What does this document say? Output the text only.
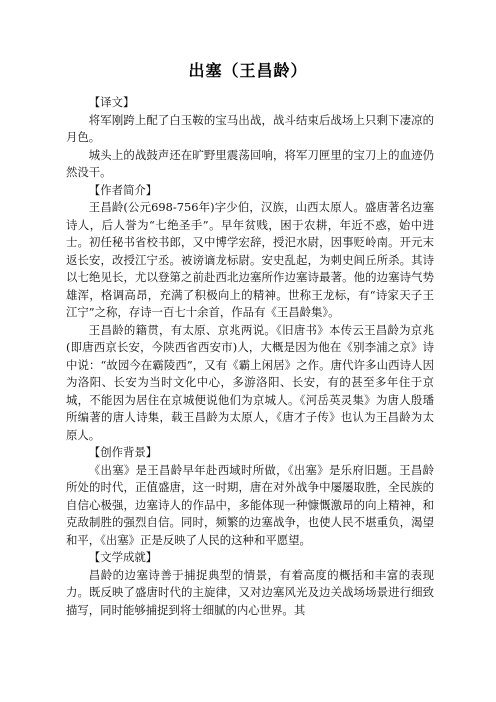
出塞（王昌龄）
【译文】

将军刚跨上配了白玉鞍的宝马出战，战斗结束后战场上只剩下凄凉的月色。

城头上的战鼓声还在旷野里震荡回响，将军刀匣里的宝刀上的血迹仍然没干。

【作者简介】

王昌龄(公元698-756年)字少伯，汉族，山西太原人。盛唐著名边塞诗人，后人誉为“七绝圣手”。早年贫贱，困于农耕，年近不惑，始中进士。初任秘书省校书郎，又中博学宏辞，授汜水尉，因事贬岭南。开元末返长安，改授江宁丞。被谤谪龙标尉。安史乱起，为刺史闾丘所杀。其诗以七绝见长，尤以登第之前赴西北边塞所作边塞诗最著。他的边塞诗气势雄浑，格调高昂，充满了积极向上的精神。世称王龙标，有“诗家天子王江宁”之称，存诗一百七十余首，作品有《王昌龄集》。

王昌龄的籍贯，有太原、京兆两说。《旧唐书》本传云王昌龄为京兆(即唐西京长安，今陕西省西安市)人，大概是因为他在《别李浦之京》诗中说：“故园今在霸陵西”，又有《霸上闲居》之作。唐代许多山西诗人因为洛阳、长安为当时文化中心，多游洛阳、长安，有的甚至多年住于京城，不能因为居住在京城便说他们为京城人。《河岳英灵集》为唐人殷璠所编著的唐人诗集，载王昌龄为太原人，《唐才子传》也认为王昌龄为太原人。

【创作背景】

《出塞》是王昌龄早年赴西域时所做，《出塞》是乐府旧题。王昌龄所处的时代，正值盛唐，这一时期，唐在对外战争中屡屡取胜，全民族的自信心极强，边塞诗人的作品中，多能体现一种慷慨激昂的向上精神，和克敌制胜的强烈自信。同时，频繁的边塞战争，也使人民不堪重负，渴望和平，《出塞》正是反映了人民的这种和平愿望。

【文学成就】

昌龄的边塞诗善于捕捉典型的情景，有着高度的概括和丰富的表现力。既反映了盛唐时代的主旋律，又对边塞风光及边关战场场景进行细致描写，同时能够捕捉到将士细腻的内心世界。其
